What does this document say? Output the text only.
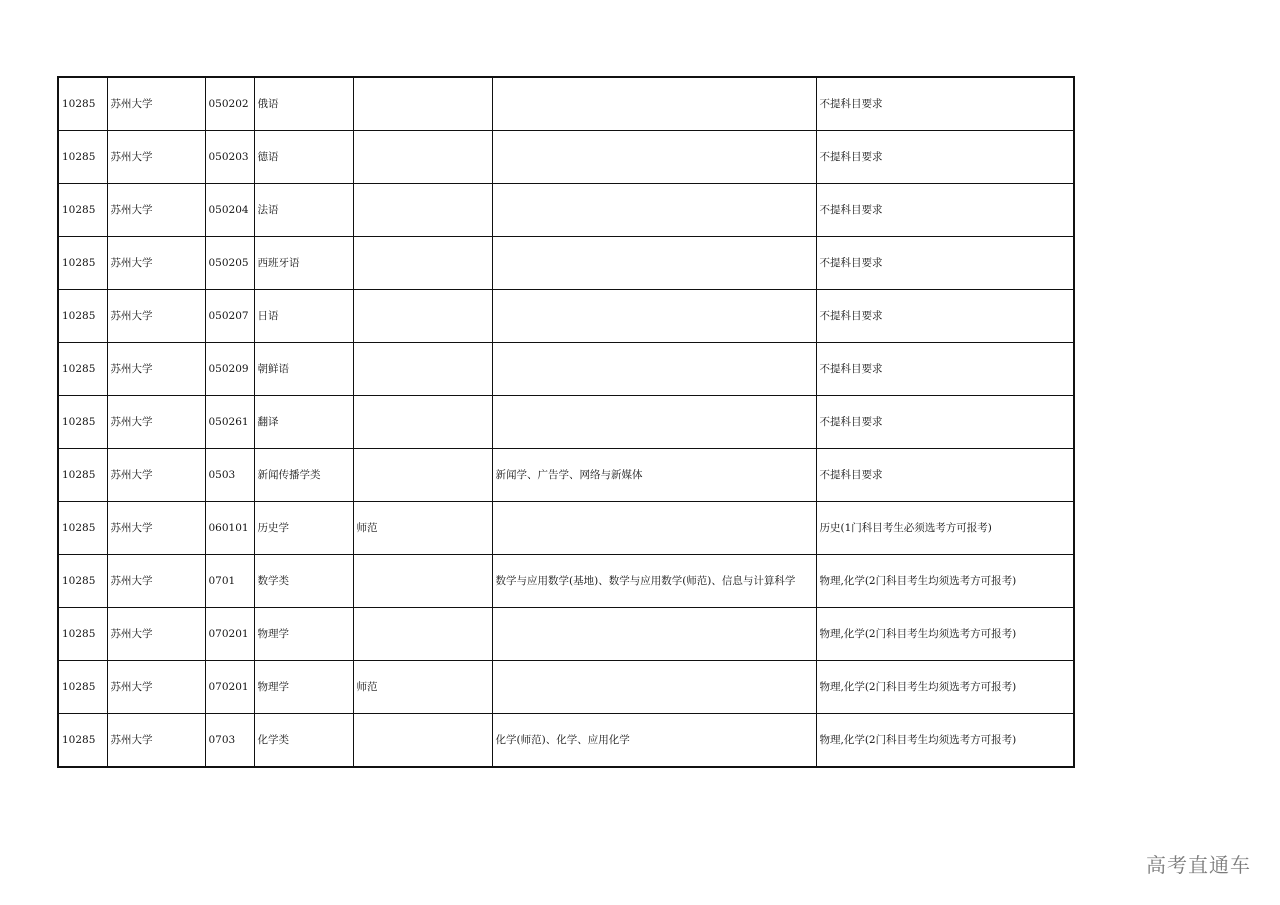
10285	苏州大学	050202	俄语			不提科目要求
10285	苏州大学	050203	德语			不提科目要求
10285	苏州大学	050204	法语			不提科目要求
10285	苏州大学	050205	西班牙语			不提科目要求
10285	苏州大学	050207	日语			不提科目要求
10285	苏州大学	050209	朝鲜语			不提科目要求
10285	苏州大学	050261	翻译			不提科目要求
10285	苏州大学	0503	新闻传播学类		新闻学、广告学、网络与新媒体	不提科目要求
10285	苏州大学	060101	历史学	师范		历史(1门科目考生必须选考方可报考)
10285	苏州大学	0701	数学类		数学与应用数学(基地)、数学与应用数学(师范)、信息与计算科学	物理,化学(2门科目考生均须选考方可报考)
10285	苏州大学	070201	物理学			物理,化学(2门科目考生均须选考方可报考)
10285	苏州大学	070201	物理学	师范		物理,化学(2门科目考生均须选考方可报考)
10285	苏州大学	0703	化学类		化学(师范)、化学、应用化学	物理,化学(2门科目考生均须选考方可报考)
高考直通车
